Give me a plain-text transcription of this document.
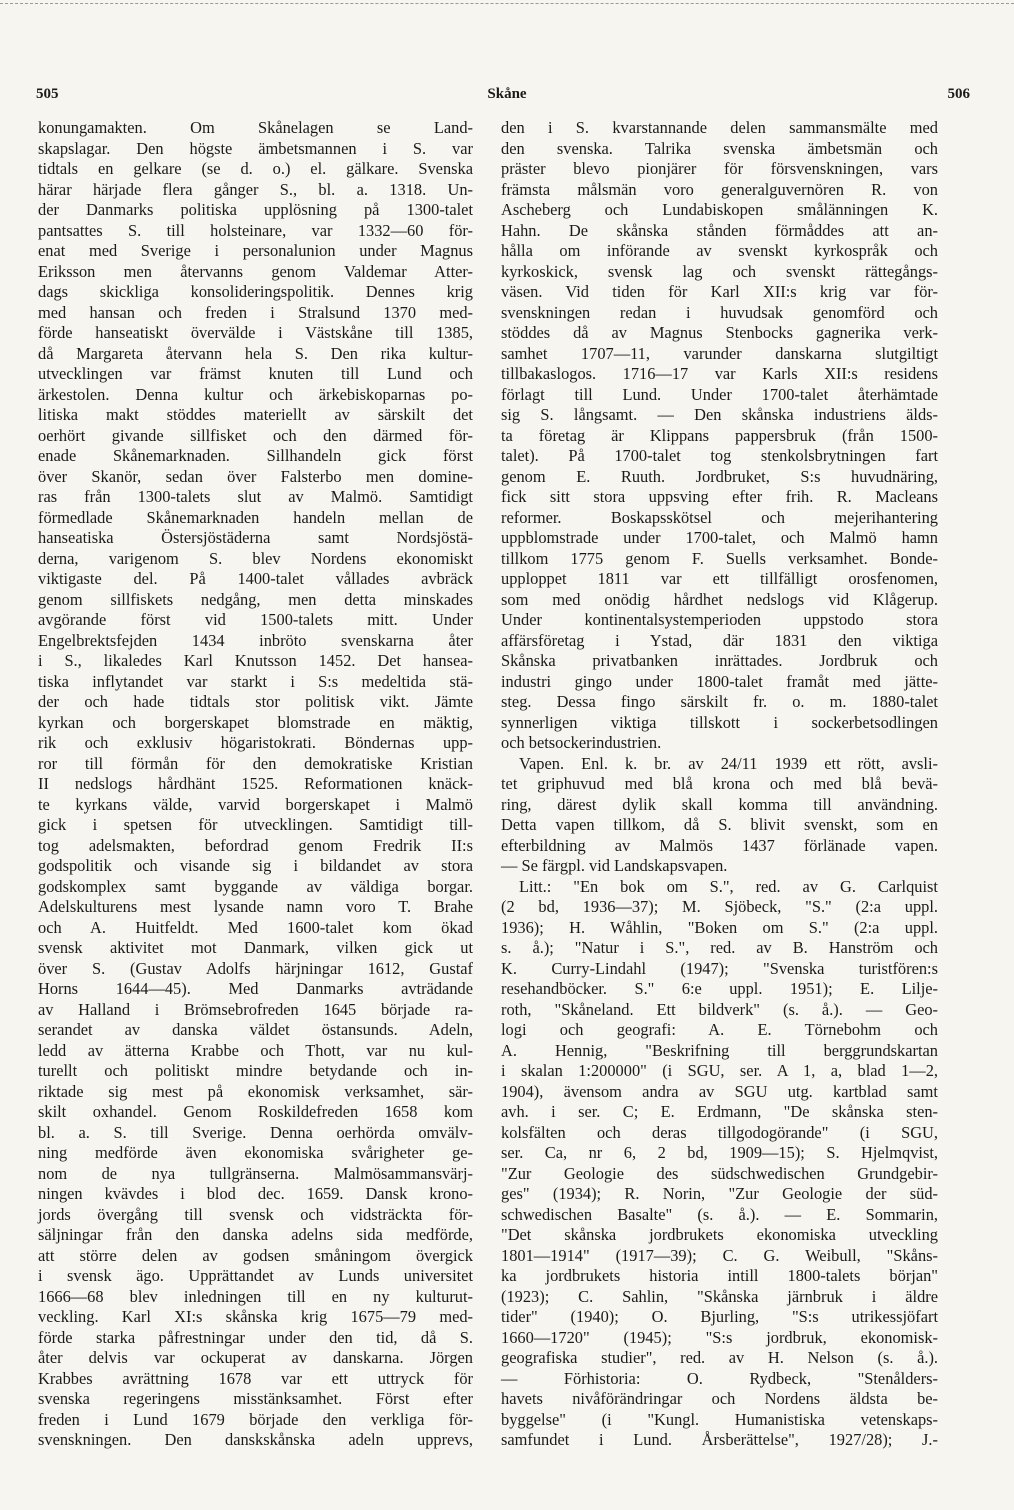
505	Skåne	506
konungamakten. Om Skånelagen se Land-
skapslagar. Den högste ämbetsmannen i S. var
tidtals en gelkare (se d. o.) el. gälkare. Svenska
härar härjade flera gånger S., bl. a. 1318. Un-
der Danmarks politiska upplösning på 1300-talet
pantsattes S. till holsteinare, var 1332—60 för-
enat med Sverige i personalunion under Magnus
Eriksson men återvanns genom Valdemar Atter-
dags skickliga konsolideringspolitik. Dennes krig
med hansan och freden i Stralsund 1370 med-
förde hanseatiskt övervälde i Västskåne till 1385,
då Margareta återvann hela S. Den rika kultur-
utvecklingen var främst knuten till Lund och
ärkestolen. Denna kultur och ärkebiskoparnas po-
litiska makt stöddes materiellt av särskilt det
oerhört givande sillfisket och den därmed för-
enade Skånemarknaden. Sillhandeln gick först
över Skanör, sedan över Falsterbo men domine-
ras från 1300-talets slut av Malmö. Samtidigt
förmedlade Skånemarknaden handeln mellan de
hanseatiska Östersjöstäderna samt Nordsjöstä-
derna, varigenom S. blev Nordens ekonomiskt
viktigaste del. På 1400-talet vållades avbräck
genom sillfiskets nedgång, men detta minskades
avgörande först vid 1500-talets mitt. Under
Engelbrektsfejden 1434 inbröto svenskarna åter
i S., likaledes Karl Knutsson 1452. Det hansea-
tiska inflytandet var starkt i S:s medeltida stä-
der och hade tidtals stor politisk vikt. Jämte
kyrkan och borgerskapet blomstrade en mäktig,
rik och exklusiv högaristokrati. Böndernas upp-
ror till förmån för den demokratiske Kristian
II nedslogs hårdhänt 1525. Reformationen knäck-
te kyrkans välde, varvid borgerskapet i Malmö
gick i spetsen för utvecklingen. Samtidigt till-
tog adelsmakten, befordrad genom Fredrik II:s
godspolitik och visande sig i bildandet av stora
godskomplex samt byggande av väldiga borgar.
Adelskulturens mest lysande namn voro T. Brahe
och A. Huitfeldt. Med 1600-talet kom ökad
svensk aktivitet mot Danmark, vilken gick ut
över S. (Gustav Adolfs härjningar 1612, Gustaf
Horns 1644—45). Med Danmarks avträdande
av Halland i Brömsebrofreden 1645 började ra-
serandet av danska väldet östansunds. Adeln,
ledd av ätterna Krabbe och Thott, var nu kul-
turellt och politiskt mindre betydande och in-
riktade sig mest på ekonomisk verksamhet, sär-
skilt oxhandel. Genom Roskildefreden 1658 kom
bl. a. S. till Sverige. Denna oerhörda omvälv-
ning medförde även ekonomiska svårigheter ge-
nom de nya tullgränserna. Malmösammansvärj-
ningen kvävdes i blod dec. 1659. Dansk krono-
jords övergång till svensk och vidsträckta för-
säljningar från den danska adelns sida medförde,
att större delen av godsen småningom övergick
i svensk ägo. Upprättandet av Lunds universitet
1666—68 blev inledningen till en ny kulturut-
veckling. Karl XI:s skånska krig 1675—79 med-
förde starka påfrestningar under den tid, då S.
åter delvis var ockuperat av danskarna. Jörgen
Krabbes avrättning 1678 var ett uttryck för
svenska regeringens misstänksamhet. Först efter
freden i Lund 1679 började den verkliga för-
svenskningen. Den danskskånska adeln upprevs,
den i S. kvarstannande delen sammansmälte med
den svenska. Talrika svenska ämbetsmän och
präster blevo pionjärer för försvenskningen, vars
främsta målsmän voro generalguvernören R. von
Ascheberg och Lundabiskopen smålänningen K.
Hahn. De skånska stånden förmåddes att an-
hålla om införande av svenskt kyrkospråk och
kyrkoskick, svensk lag och svenskt rättegångs-
väsen. Vid tiden för Karl XII:s krig var för-
svenskningen redan i huvudsak genomförd och
stöddes då av Magnus Stenbocks gagnerika verk-
samhet 1707—11, varunder danskarna slutgiltigt
tillbakaslogos. 1716—17 var Karls XII:s residens
förlagt till Lund. Under 1700-talet återhämtade
sig S. långsamt. — Den skånska industriens älds-
ta företag är Klippans pappersbruk (från 1500-
talet). På 1700-talet tog stenkolsbrytningen fart
genom E. Ruuth. Jordbruket, S:s huvudnäring,
fick sitt stora uppsving efter frih. R. Macleans
reformer. Boskapsskötsel och mejerihantering
uppblomstrade under 1700-talet, och Malmö hamn
tillkom 1775 genom F. Suells verksamhet. Bonde-
upploppet 1811 var ett tillfälligt orosfenomen,
som med onödig hårdhet nedslogs vid Klågerup.
Under kontinentalsystemperioden uppstodo stora
affärsföretag i Ystad, där 1831 den viktiga
Skånska privatbanken inrättades. Jordbruk och
industri gingo under 1800-talet framåt med jätte-
steg. Dessa fingo särskilt fr. o. m. 1880-talet
synnerligen viktiga tillskott i sockerbetsodlingen
och betsockerindustrien.
Vapen. Enl. k. br. av 24/11 1939 ett rött, avsli-
tet griphuvud med blå krona och med blå bevä-
ring, därest dylik skall komma till användning.
Detta vapen tillkom, då S. blivit svenskt, som en
efterbildning av Malmös 1437 förlänade vapen.
— Se färgpl. vid Landskapsvapen.
Litt.: "En bok om S.", red. av G. Carlquist
(2 bd, 1936—37); M. Sjöbeck, "S." (2:a uppl.
1936); H. Wåhlin, "Boken om S." (2:a uppl.
s. å.); "Natur i S.", red. av B. Hanström och
K. Curry-Lindahl (1947); "Svenska turistfören:s
resehandböcker. S." 6:e uppl. 1951); E. Lilje-
roth, "Skåneland. Ett bildverk" (s. å.). — Geo-
logi och geografi: A. E. Törnebohm och
A. Hennig, "Beskrifning till berggrundskartan
i skalan 1:200000" (i SGU, ser. A 1, a, blad 1—2,
1904), ävensom andra av SGU utg. kartblad samt
avh. i ser. C; E. Erdmann, "De skånska sten-
kolsfälten och deras tillgodogörande" (i SGU,
ser. Ca, nr 6, 2 bd, 1909—15); S. Hjelmqvist,
"Zur Geologie des südschwedischen Grundgebir-
ges" (1934); R. Norin, "Zur Geologie der süd-
schwedischen Basalte" (s. å.). — E. Sommarin,
"Det skånska jordbrukets ekonomiska utveckling
1801—1914" (1917—39); C. G. Weibull, "Skåns-
ka jordbrukets historia intill 1800-talets början"
(1923); C. Sahlin, "Skånska järnbruk i äldre
tider" (1940); O. Bjurling, "S:s utrikessjöfart
1660—1720" (1945); "S:s jordbruk, ekonomisk-
geografiska studier", red. av H. Nelson (s. å.).
— Förhistoria: O. Rydbeck, "Stenålders-
havets nivåförändringar och Nordens äldsta be-
byggelse" (i "Kungl. Humanistiska vetenskaps-
samfundet i Lund. Årsberättelse", 1927/28); J.-
